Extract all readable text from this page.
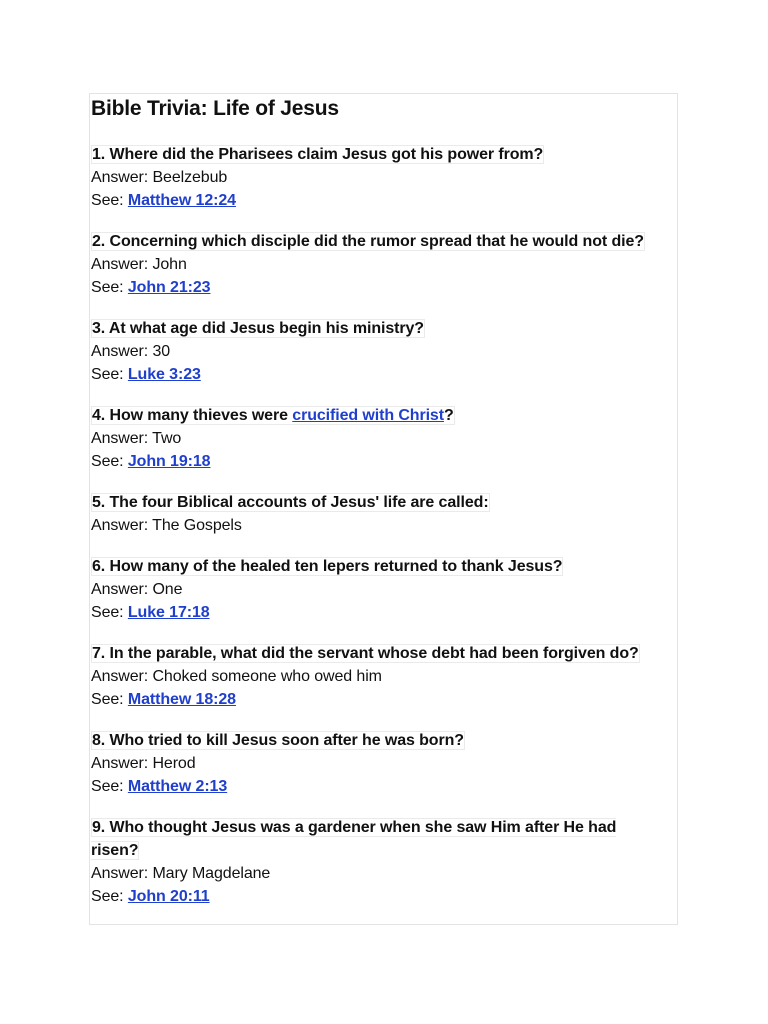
Bible Trivia: Life of Jesus
1. Where did the Pharisees claim Jesus got his power from?
Answer: Beelzebub
See: Matthew 12:24
2. Concerning which disciple did the rumor spread that he would not die?
Answer: John
See: John 21:23
3. At what age did Jesus begin his ministry?
Answer: 30
See: Luke 3:23
4. How many thieves were crucified with Christ?
Answer: Two
See: John 19:18
5. The four Biblical accounts of Jesus' life are called:
Answer: The Gospels
6. How many of the healed ten lepers returned to thank Jesus?
Answer: One
See: Luke 17:18
7. In the parable, what did the servant whose debt had been forgiven do?
Answer: Choked someone who owed him
See: Matthew 18:28
8. Who tried to kill Jesus soon after he was born?
Answer: Herod
See: Matthew 2:13
9. Who thought Jesus was a gardener when she saw Him after He had risen?
Answer: Mary Magdelane
See: John 20:11
